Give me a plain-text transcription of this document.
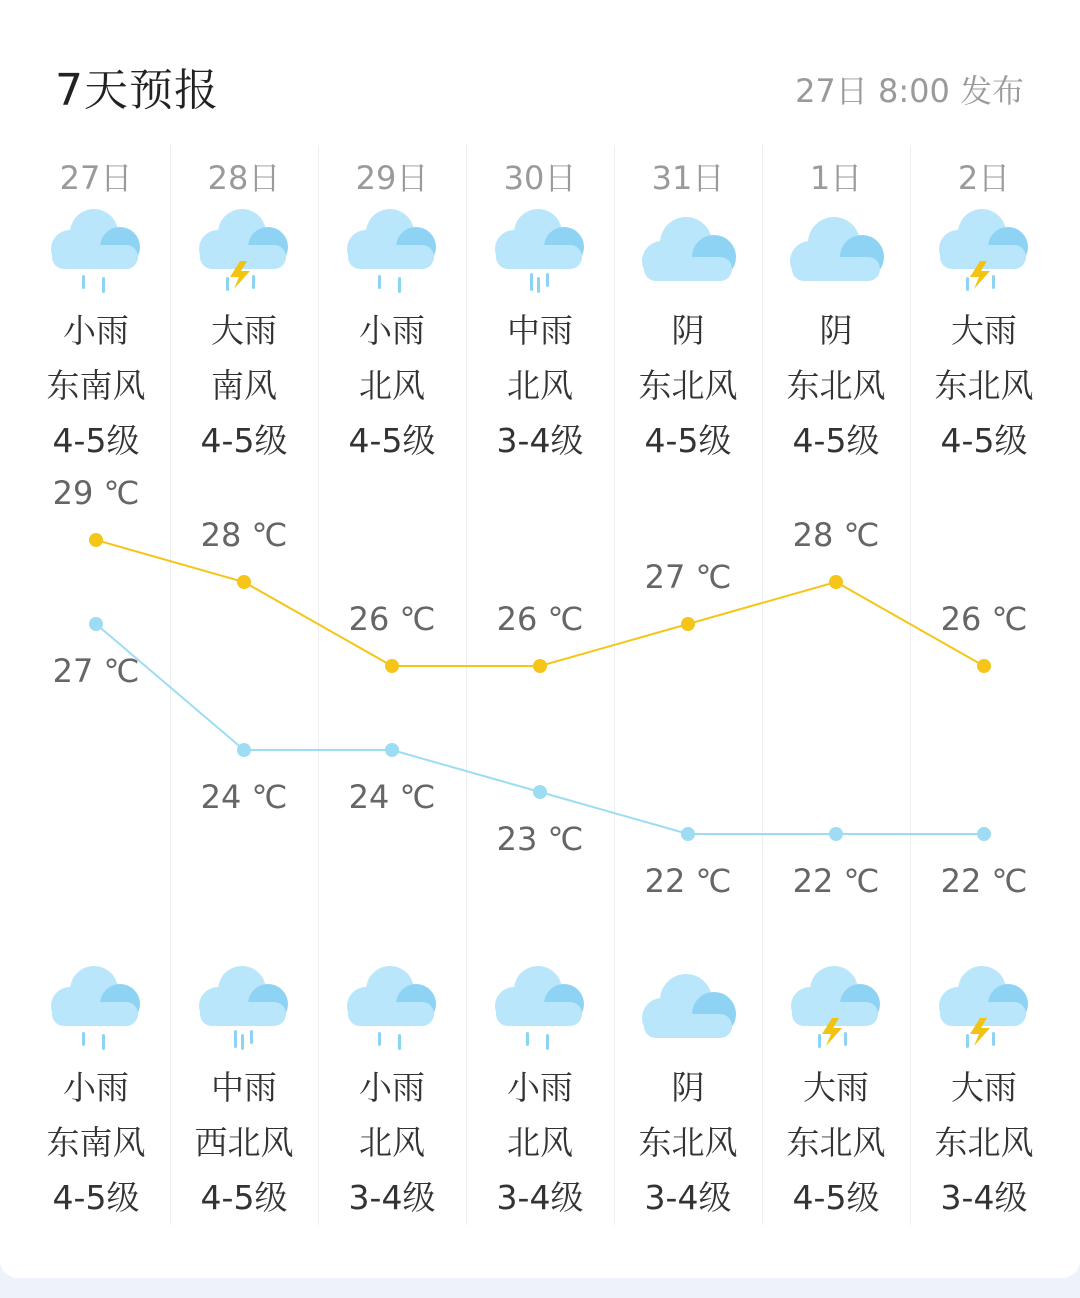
7天预报	27日 8:00 发布
27日
小雨
东南风
4-5级
小雨
东南风
4-5级
28日
大雨
南风
4-5级
中雨
西北风
4-5级
29日
小雨
北风
4-5级
小雨
北风
3-4级
30日
中雨
北风
3-4级
小雨
北风
3-4级
31日
阴
东北风
4-5级
阴
东北风
3-4级
1日
阴
东北风
4-5级
大雨
东北风
4-5级
2日
大雨
东北风
4-5级
大雨
东北风
3-4级
29 ℃
28 ℃
26 ℃ 26 ℃
27 ℃
28 ℃
26 ℃
27 ℃
24 ℃ 24 ℃
23 ℃
22 ℃ 22 ℃ 22 ℃
